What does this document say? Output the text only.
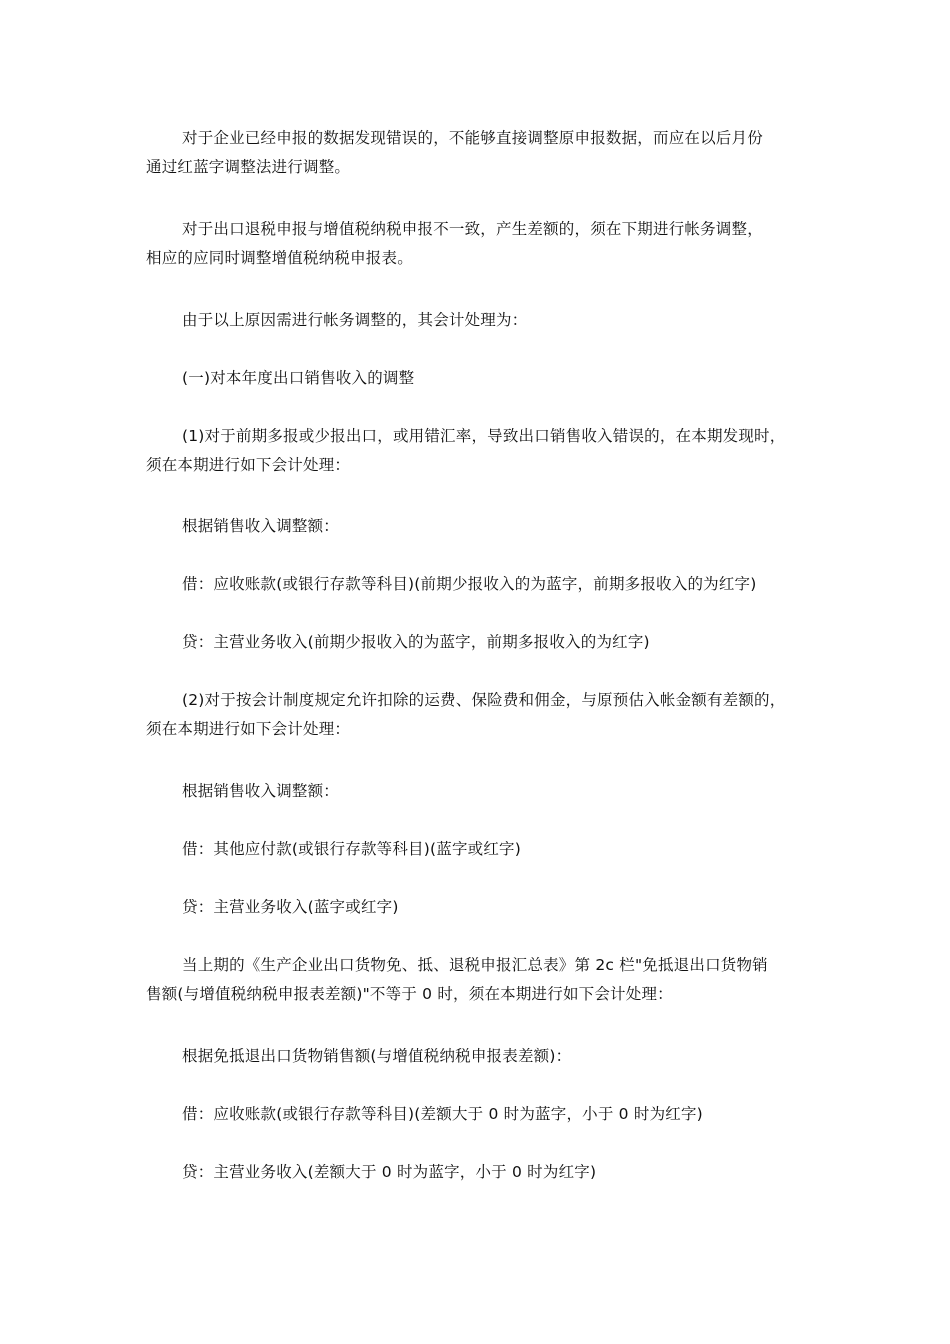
对于企业已经申报的数据发现错误的，不能够直接调整原申报数据，而应在以后月份
通过红蓝字调整法进行调整。

对于出口退税申报与增值税纳税申报不一致，产生差额的，须在下期进行帐务调整，
相应的应同时调整增值税纳税申报表。

由于以上原因需进行帐务调整的，其会计处理为：

(一)对本年度出口销售收入的调整

(1)对于前期多报或少报出口，或用错汇率，导致出口销售收入错误的，在本期发现时，
须在本期进行如下会计处理：

根据销售收入调整额：

借：应收账款(或银行存款等科目)(前期少报收入的为蓝字，前期多报收入的为红字)

贷：主营业务收入(前期少报收入的为蓝字，前期多报收入的为红字)

(2)对于按会计制度规定允许扣除的运费、保险费和佣金，与原预估入帐金额有差额的，
须在本期进行如下会计处理：

根据销售收入调整额：

借：其他应付款(或银行存款等科目)(蓝字或红字)

贷：主营业务收入(蓝字或红字)

当上期的《生产企业出口货物免、抵、退税申报汇总表》第 2c 栏"免抵退出口货物销
售额(与增值税纳税申报表差额)"不等于 0 时，须在本期进行如下会计处理：

根据免抵退出口货物销售额(与增值税纳税申报表差额)：

借：应收账款(或银行存款等科目)(差额大于 0 时为蓝字，小于 0 时为红字)

贷：主营业务收入(差额大于 0 时为蓝字，小于 0 时为红字)
